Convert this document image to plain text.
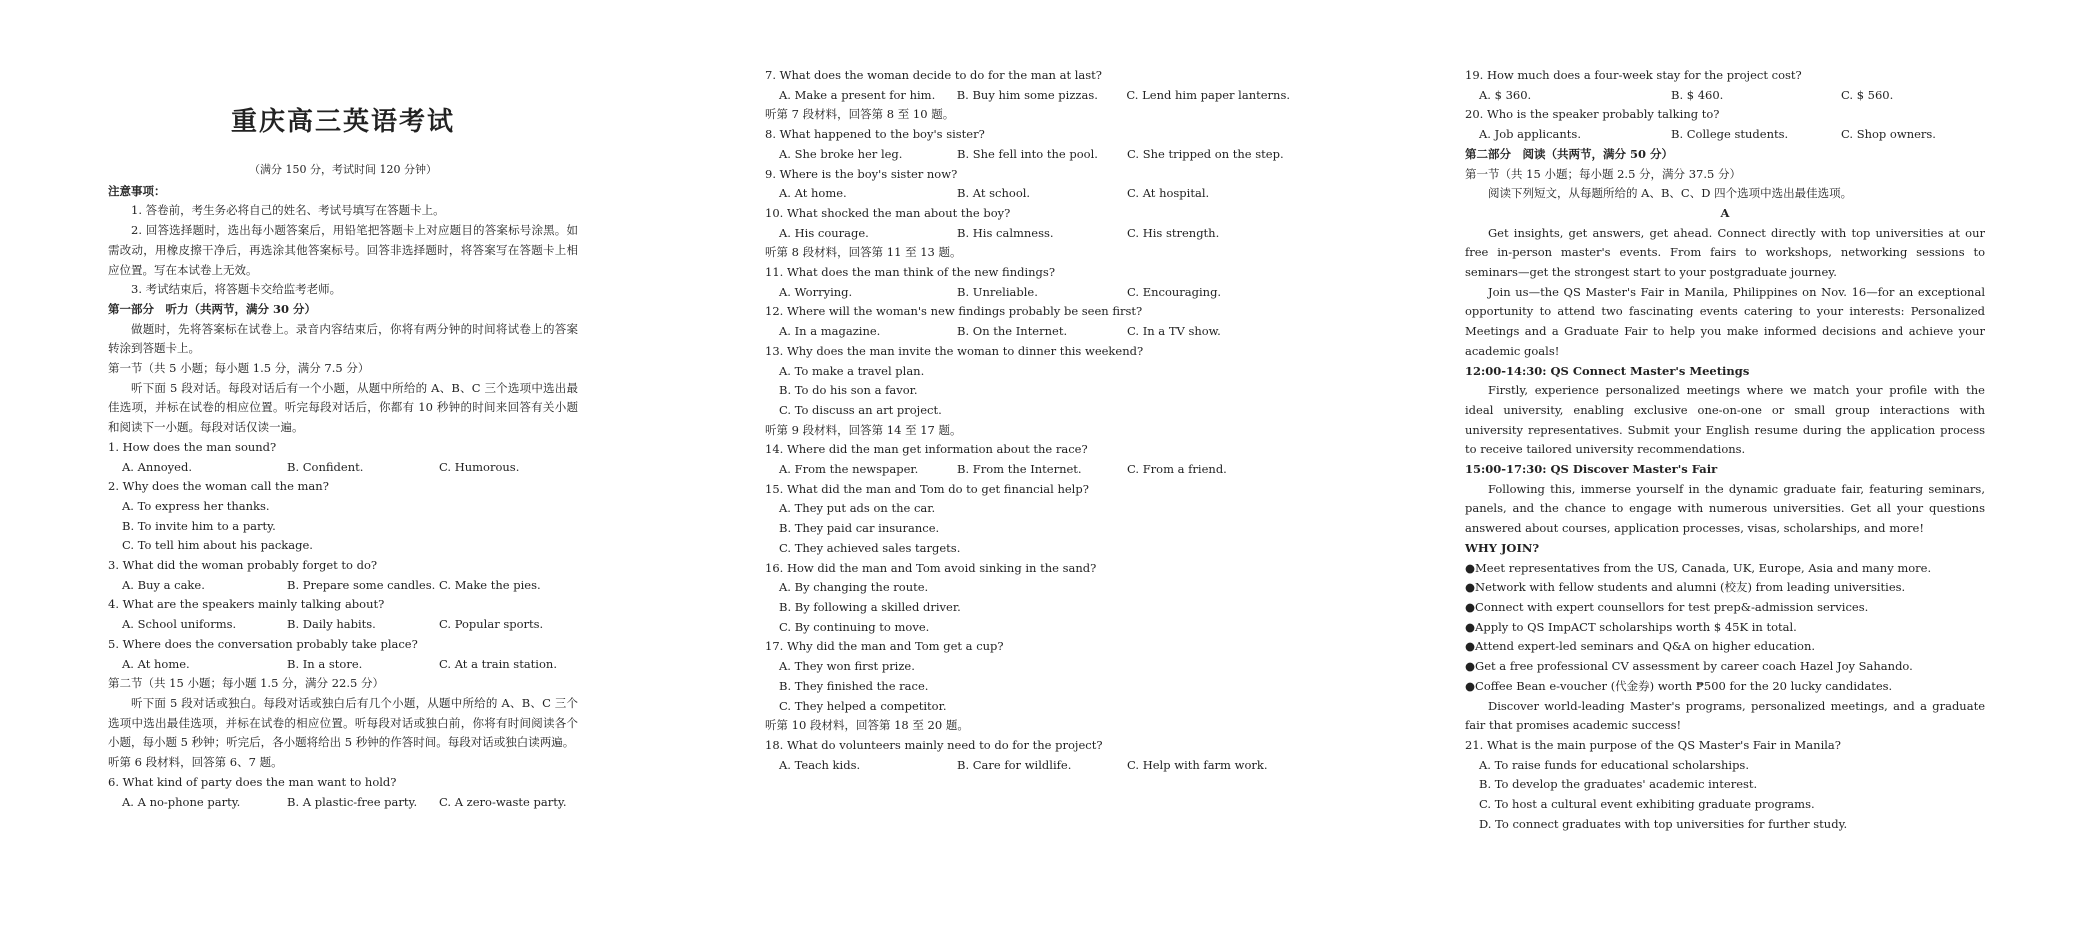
重庆高三英语考试
（满分 150 分，考试时间 120 分钟）
注意事项：
1. 答卷前，考生务必将自己的姓名、考试号填写在答题卡上。
2. 回答选择题时，选出每小题答案后，用铅笔把答题卡上对应题目的答案标号涂黑。如需改动，用橡皮擦干净后，再选涂其他答案标号。回答非选择题时，将答案写在答题卡上相应位置。写在本试卷上无效。
3. 考试结束后，将答题卡交给监考老师。
第一部分　听力（共两节，满分 30 分）
做题时，先将答案标在试卷上。录音内容结束后，你将有两分钟的时间将试卷上的答案转涂到答题卡上。
第一节（共 5 小题；每小题 1.5 分，满分 7.5 分）
听下面 5 段对话。每段对话后有一个小题，从题中所给的 A、B、C 三个选项中选出最佳选项，并标在试卷的相应位置。听完每段对话后，你都有 10 秒钟的时间来回答有关小题和阅读下一小题。每段对话仅读一遍。
1. How does the man sound?
A. Annoyed.	B. Confident.	C. Humorous.
2. Why does the woman call the man?
A. To express her thanks.
B. To invite him to a party.
C. To tell him about his package.
3. What did the woman probably forget to do?
A. Buy a cake.	B. Prepare some candles. C. Make the pies.
4. What are the speakers mainly talking about?
A. School uniforms.	B. Daily habits.	C. Popular sports.
5. Where does the conversation probably take place?
A. At home.	B. In a store.	C. At a train station.
第二节（共 15 小题；每小题 1.5 分，满分 22.5 分）
听下面 5 段对话或独白。每段对话或独白后有几个小题，从题中所给的 A、B、C 三个选项中选出最佳选项，并标在试卷的相应位置。听每段对话或独白前，你将有时间阅读各个小题，每小题 5 秒钟；听完后，各小题将给出 5 秒钟的作答时间。每段对话或独白读两遍。
听第 6 段材料，回答第 6、7 题。
6. What kind of party does the man want to hold?
A. A no-phone party.	B. A plastic-free party.	C. A zero-waste party.
7. What does the woman decide to do for the man at last?
A. Make a present for him.	B. Buy him some pizzas.	C. Lend him paper lanterns.
听第 7 段材料，回答第 8 至 10 题。
8. What happened to the boy's sister?
A. She broke her leg.	B. She fell into the pool.	C. She tripped on the step.
9. Where is the boy's sister now?
A. At home.	B. At school.	C. At hospital.
10. What shocked the man about the boy?
A. His courage.	B. His calmness.	C. His strength.
听第 8 段材料，回答第 11 至 13 题。
11. What does the man think of the new findings?
A. Worrying.	B. Unreliable.	C. Encouraging.
12. Where will the woman's new findings probably be seen first?
A. In a magazine.	B. On the Internet.	C. In a TV show.
13. Why does the man invite the woman to dinner this weekend?
A. To make a travel plan.
B. To do his son a favor.
C. To discuss an art project.
听第 9 段材料，回答第 14 至 17 题。
14. Where did the man get information about the race?
A. From the newspaper.	B. From the Internet.	C. From a friend.
15. What did the man and Tom do to get financial help?
A. They put ads on the car.
B. They paid car insurance.
C. They achieved sales targets.
16. How did the man and Tom avoid sinking in the sand?
A. By changing the route.
B. By following a skilled driver.
C. By continuing to move.
17. Why did the man and Tom get a cup?
A. They won first prize.
B. They finished the race.
C. They helped a competitor.
听第 10 段材料，回答第 18 至 20 题。
18. What do volunteers mainly need to do for the project?
A. Teach kids.	B. Care for wildlife.	C. Help with farm work.
19. How much does a four-week stay for the project cost?
A. $ 360.	B. $ 460.	C. $ 560.
20. Who is the speaker probably talking to?
A. Job applicants.	B. College students.	C. Shop owners.
第二部分　阅读（共两节，满分 50 分）
第一节（共 15 小题；每小题 2.5 分，满分 37.5 分）
阅读下列短文，从每题所给的 A、B、C、D 四个选项中选出最佳选项。
A
Get insights, get answers, get ahead. Connect directly with top universities at our free in-person master's events. From fairs to workshops, networking sessions to seminars—get the strongest start to your postgraduate journey.
Join us—the QS Master's Fair in Manila, Philippines on Nov. 16—for an exceptional opportunity to attend two fascinating events catering to your interests: Personalized Meetings and a Graduate Fair to help you make informed decisions and achieve your academic goals!
12:00-14:30: QS Connect Master's Meetings
Firstly, experience personalized meetings where we match your profile with the ideal university, enabling exclusive one-on-one or small group interactions with university representatives. Submit your English resume during the application process to receive tailored university recommendations.
15:00-17:30: QS Discover Master's Fair
Following this, immerse yourself in the dynamic graduate fair, featuring seminars, panels, and the chance to engage with numerous universities. Get all your questions answered about courses, application processes, visas, scholarships, and more!
WHY JOIN?
●Meet representatives from the US, Canada, UK, Europe, Asia and many more.
●Network with fellow students and alumni (校友) from leading universities.
●Connect with expert counsellors for test prep&-admission services.
●Apply to QS ImpACT scholarships worth $ 45K in total.
●Attend expert-led seminars and Q&A on higher education.
●Get a free professional CV assessment by career coach Hazel Joy Sahando.
●Coffee Bean e-voucher (代金券) worth ₱500 for the 20 lucky candidates.
Discover world-leading Master's programs, personalized meetings, and a graduate fair that promises academic success!
21. What is the main purpose of the QS Master's Fair in Manila?
A. To raise funds for educational scholarships.
B. To develop the graduates' academic interest.
C. To host a cultural event exhibiting graduate programs.
D. To connect graduates with top universities for further study.
